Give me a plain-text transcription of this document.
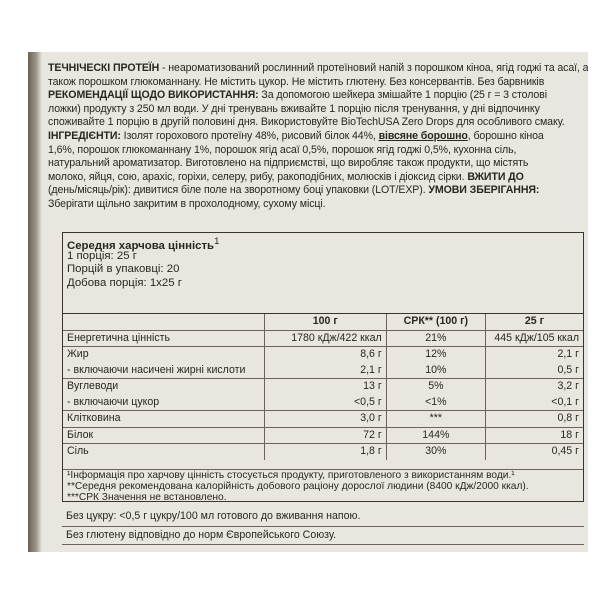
ТЕЧНІЧЕСКІ ПРОТЕЇН - неароматизований рослинний протеїновий напій з порошком кіноа, ягід годжі та асаї, а

також порошком глюкоманнану. Не містить цукор. Не містить глютену. Без консервантів. Без барвників

РЕКОМЕНДАЦІЇ ЩОДО ВИКОРИСТАННЯ: За допомогою шейкера змішайте 1 порцію (25 г = 3 столові

ложки) продукту з 250 мл води. У дні тренувань вживайте 1 порцію після тренування, у дні відпочинку

споживайте 1 порцію в другій половині дня. Використовуйте BioTechUSA Zero Drops для особливого смаку.

ІНГРЕДІЄНТИ: Ізолят горохового протеїну 48%, рисовий білок 44%, вівсяне борошно, борошно кіноа

1,6%, порошок глюкоманнану 1%, порошок ягід асаї 0,5%, порошок ягід годжі 0,5%, кухонна сіль,

натуральний ароматизатор. Виготовлено на підприємстві, що виробляє також продукти, що містять

молоко, яйця, сою, арахіс, горіхи, селеру, рибу, ракоподібних, молюсків і діоксид сірки. ВЖИТИ ДО

(день/місяць/рік): дивитися біле поле на зворотному боці упаковки (LOT/EXP). УМОВИ ЗБЕРІГАННЯ:

Зберігати щільно закритим в прохолодному, сухому місці.

Середня харчова цінність$^1$
1 порція: 25 г
Порцій в упаковці: 20
Добова порція: 1x25 г
	100 г	СРК** (100 г)	25 г
Енергетична цінність	1780 кДж/422 ккал	21%	445 кДж/105 ккал
Жир	8,6 г	12%	2,1 г
- включаючи насичені жирні кислоти	2,1 г	10%	0,5 г
Вуглеводи	13 г	5%	3,2 г
- включаючи цукор	<0,5 г	<1%	<0,1 г
Клітковина	3,0 г	***	0,8 г
Білок	72 г	144%	18 г
Сіль	1,8 г	30%	0,45 г
¹Інформація про харчову цінність стосується продукту, приготовленого з використанням води.¹
**Середня рекомендована калорійність добового раціону дорослої людини (8400 кДж/2000 ккал).
***СРК Значення не встановлено.
Без цукру: <0,5 г цукру/100 мл готового до вживання напою.
Без глютену відповідно до норм Європейського Союзу.
